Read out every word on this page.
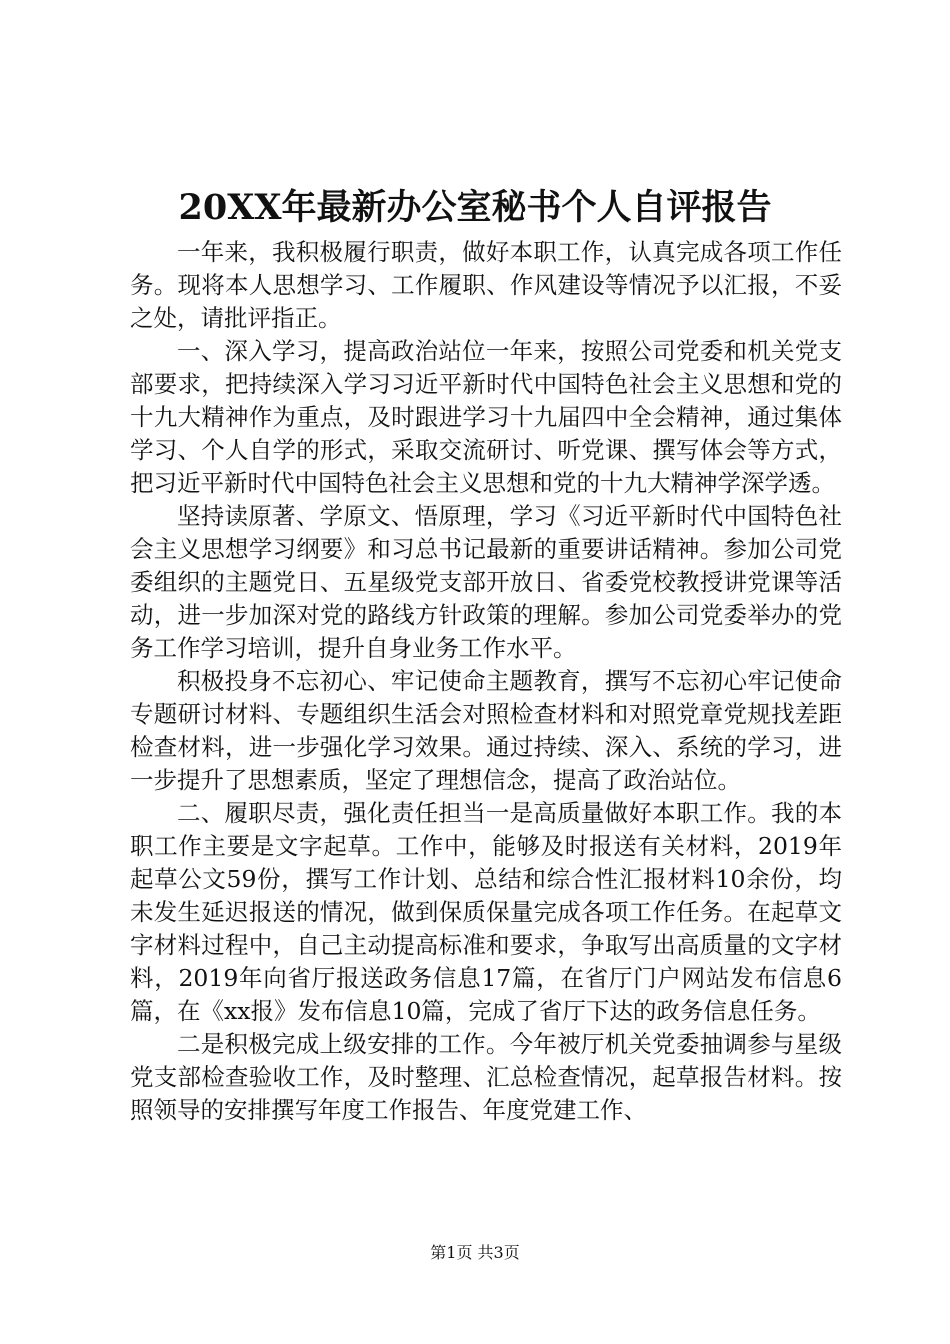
20XX年最新办公室秘书个人自评报告

一年来，我积极履行职责，做好本职工作，认真完成各项工作任务。现将本人思想学习、工作履职、作风建设等情况予以汇报，不妥之处，请批评指正。

一、深入学习，提高政治站位一年来，按照公司党委和机关党支部要求，把持续深入学习习近平新时代中国特色社会主义思想和党的十九大精神作为重点，及时跟进学习十九届四中全会精神，通过集体学习、个人自学的形式，采取交流研讨、听党课、撰写体会等方式，把习近平新时代中国特色社会主义思想和党的十九大精神学深学透。

坚持读原著、学原文、悟原理，学习《习近平新时代中国特色社会主义思想学习纲要》和习总书记最新的重要讲话精神。参加公司党委组织的主题党日、五星级党支部开放日、省委党校教授讲党课等活动，进一步加深对党的路线方针政策的理解。参加公司党委举办的党务工作学习培训，提升自身业务工作水平。

积极投身不忘初心、牢记使命主题教育，撰写不忘初心牢记使命专题研讨材料、专题组织生活会对照检查材料和对照党章党规找差距检查材料，进一步强化学习效果。通过持续、深入、系统的学习，进一步提升了思想素质，坚定了理想信念，提高了政治站位。

二、履职尽责，强化责任担当一是高质量做好本职工作。我的本职工作主要是文字起草。工作中，能够及时报送有关材料，2019年起草公文59份，撰写工作计划、总结和综合性汇报材料10余份，均未发生延迟报送的情况，做到保质保量完成各项工作任务。在起草文字材料过程中，自己主动提高标准和要求，争取写出高质量的文字材料，2019年向省厅报送政务信息17篇，在省厅门户网站发布信息6篇，在《xx报》发布信息10篇，完成了省厅下达的政务信息任务。

二是积极完成上级安排的工作。今年被厅机关党委抽调参与星级党支部检查验收工作，及时整理、汇总检查情况，起草报告材料。按照领导的安排撰写年度工作报告、年度党建工作、

第1页 共3页
